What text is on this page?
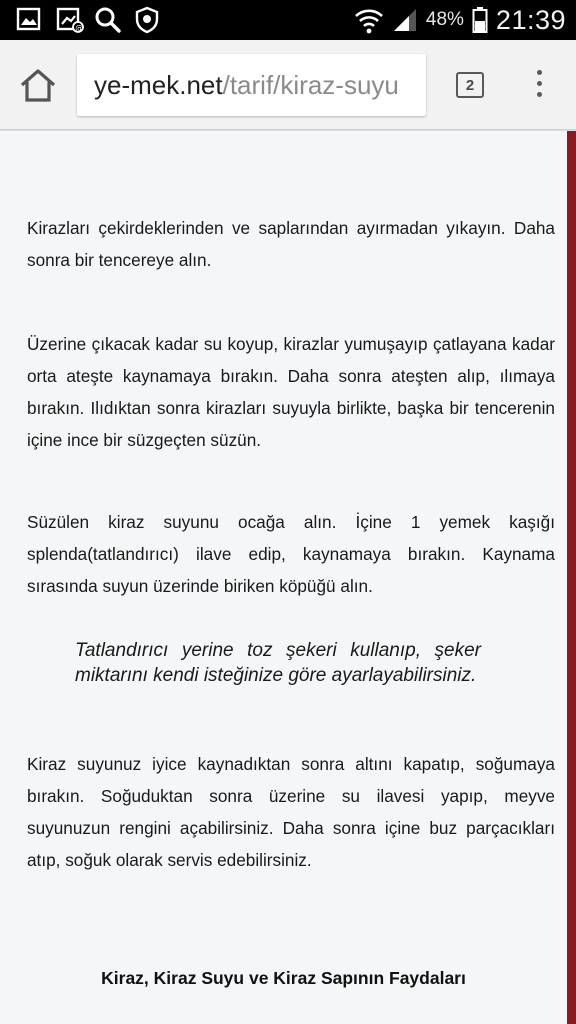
@	48% 21:39
ye-mek.net/tarif/kiraz-suyu	2

Kirazları çekirdeklerinden ve saplarından ayırmadan yıkayın. Daha sonra bir tencereye alın.

Üzerine çıkacak kadar su koyup, kirazlar yumuşayıp çatlayana kadar orta ateşte kaynamaya bırakın. Daha sonra ateşten alıp, ılımaya bırakın. Ilıdıktan sonra kirazları suyuyla birlikte, başka bir tencerenin içine ince bir süzgeçten süzün.

Süzülen kiraz suyunu ocağa alın. İçine 1 yemek kaşığı splenda(tatlandırıcı) ilave edip, kaynamaya bırakın. Kaynama sırasında suyun üzerinde biriken köpüğü alın.

Tatlandırıcı yerine toz şekeri kullanıp, şeker miktarını kendi isteğinize göre ayarlayabilirsiniz.

Kiraz suyunuz iyice kaynadıktan sonra altını kapatıp, soğumaya bırakın. Soğuduktan sonra üzerine su ilavesi yapıp, meyve suyunuzun rengini açabilirsiniz. Daha sonra içine buz parçacıkları atıp, soğuk olarak servis edebilirsiniz.

Kiraz, Kiraz Suyu ve Kiraz Sapının Faydaları
